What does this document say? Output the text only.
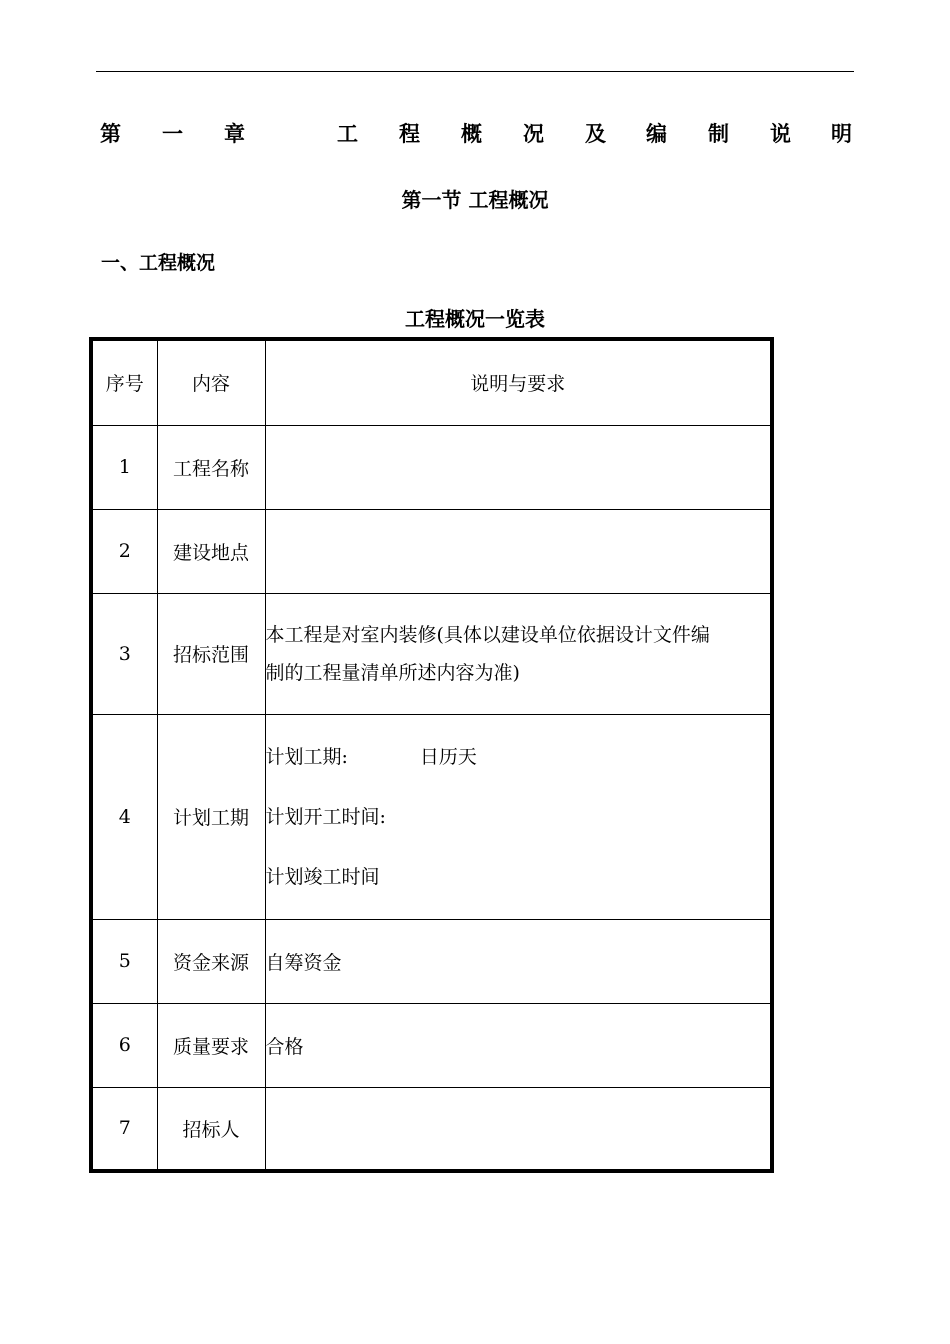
第 一 章	工 程 概 况 及 编 制 说 明
第一节 工程概况
一、工程概况
工程概况一览表
序号	内容	说明与要求
1	工程名称	
2	建设地点	
3	招标范围	本工程是对室内装修(具体以建设单位依据设计文件编
制的工程量清单所述内容为准)

4	计划工期	计划工期: 日历天
计划开工时间:
计划竣工时间

5	资金来源	自筹资金
6	质量要求	合格
7	招标人	
